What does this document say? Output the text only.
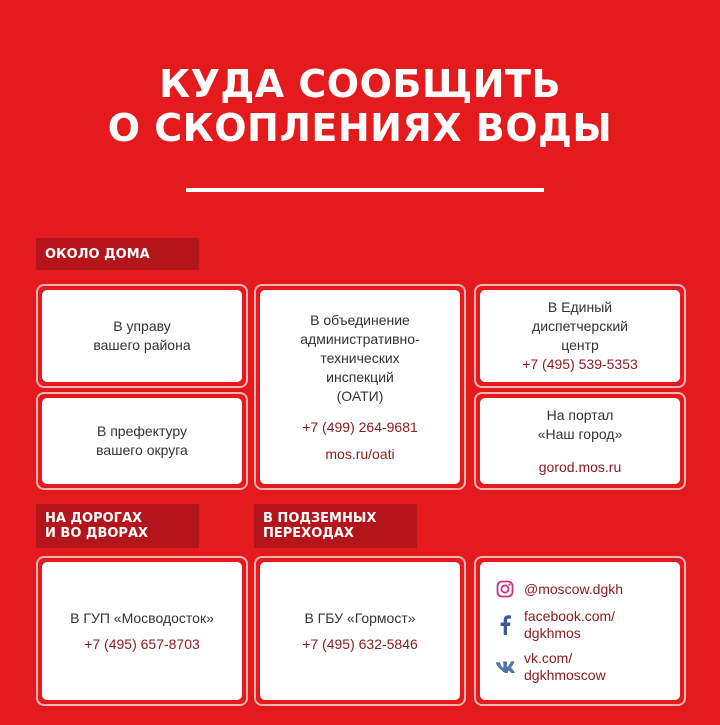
КУДА СООБЩИТЬ
О СКОПЛЕНИЯХ ВОДЫ
ОКОЛО ДОМА
В управу
вашего района
В префектуру
вашего округа
В объединение
административно-
технических
инспекций
(ОАТИ)
+7 (499) 264-9681
mos.ru/oati
В Единый
диспетчерский
центр
+7 (495) 539-5353
На портал
«Наш город»
gorod.mos.ru
НА ДОРОГАХ
И ВО ДВОРАХ
В ГУП «Мосводосток»
+7 (495) 657-8703
В ПОДЗЕМНЫХ
ПЕРЕХОДАХ
В ГБУ «Гормост»
+7 (495) 632-5846
@moscow.dgkh
facebook.com/
dgkhmos
vk.com/
dgkhmoscow
